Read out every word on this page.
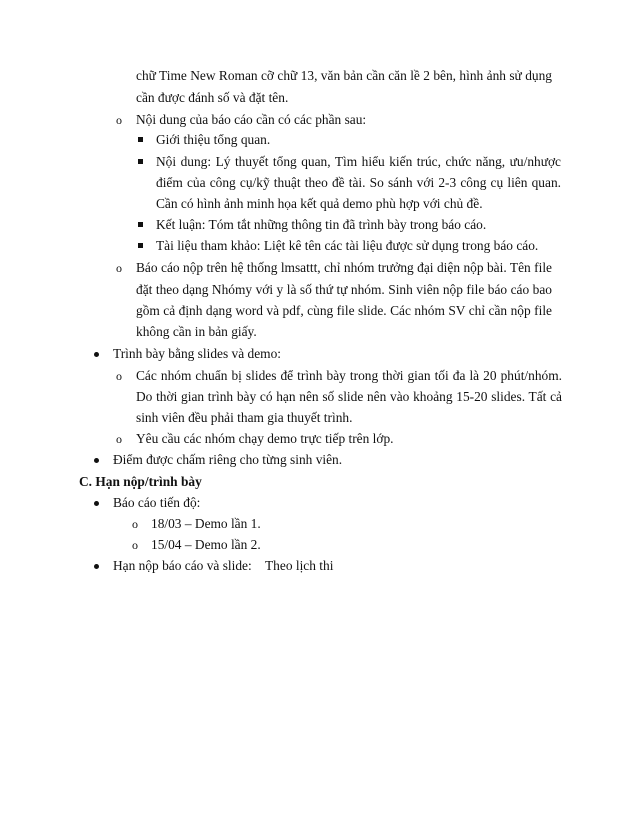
chữ Time New Roman cỡ chữ 13, văn bản cần căn lề 2 bên, hình ảnh sử dụng
cần được đánh số và đặt tên.
o Nội dung của báo cáo cần có các phần sau:
Giới thiệu tổng quan.
Nội dung: Lý thuyết tổng quan, Tìm hiểu kiến trúc, chức năng, ưu/nhược
điểm của công cụ/kỹ thuật theo đề tài. So sánh với 2-3 công cụ liên quan.
Cần có hình ảnh minh họa kết quả demo phù hợp với chủ đề.
Kết luận: Tóm tắt những thông tin đã trình bày trong báo cáo.
Tài liệu tham khảo: Liệt kê tên các tài liệu được sử dụng trong báo cáo.
o Báo cáo nộp trên hệ thống lmsattt, chỉ nhóm trưởng đại diện nộp bài. Tên file
đặt theo dạng Nhómy với y là số thứ tự nhóm. Sinh viên nộp file báo cáo bao
gồm cả định dạng word và pdf, cùng file slide. Các nhóm SV chỉ cần nộp file
không cần in bản giấy.
Trình bày bằng slides và demo:
o Các nhóm chuẩn bị slides để trình bày trong thời gian tối đa là 20 phút/nhóm.
Do thời gian trình bày có hạn nên số slide nên vào khoảng 15-20 slides. Tất cả
sinh viên đều phải tham gia thuyết trình.
o Yêu cầu các nhóm chạy demo trực tiếp trên lớp.
Điểm được chấm riêng cho từng sinh viên.
C. Hạn nộp/trình bày
Báo cáo tiến độ:
o 18/03 – Demo lần 1.
o 15/04 – Demo lần 2.
Hạn nộp báo cáo và slide: Theo lịch thi
